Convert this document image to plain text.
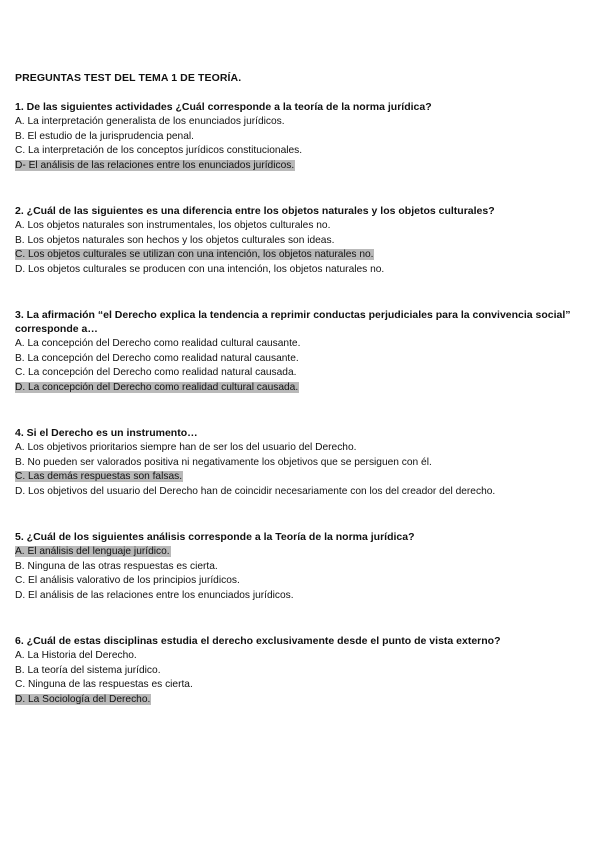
PREGUNTAS TEST DEL TEMA 1 DE TEORÍA.
1. De las siguientes actividades ¿Cuál corresponde a la teoría de la norma jurídica?
A. La interpretación generalista de los enunciados jurídicos.
B. El estudio de la jurisprudencia penal.
C. La interpretación de los conceptos jurídicos constitucionales.
D- El análisis de las relaciones entre los enunciados jurídicos.
2. ¿Cuál de las siguientes es una diferencia entre los objetos naturales y los objetos culturales?
A. Los objetos naturales son instrumentales, los objetos culturales no.
B. Los objetos naturales son hechos y los objetos culturales son ideas.
C. Los objetos culturales se utilizan con una intención, los objetos naturales no.
D. Los objetos culturales se producen con una intención, los objetos naturales no.
3. La afirmación “el Derecho explica la tendencia a reprimir conductas perjudiciales para la convivencia social” corresponde a…
A. La concepción del Derecho como realidad cultural causante.
B. La concepción del Derecho como realidad natural causante.
C. La concepción del Derecho como realidad natural causada.
D. La concepción del Derecho como realidad cultural causada.
4. Si el Derecho es un instrumento…
A. Los objetivos prioritarios siempre han de ser los del usuario del Derecho.
B. No pueden ser valorados positiva ni negativamente los objetivos que se persiguen con él.
C. Las demás respuestas son falsas.
D. Los objetivos del usuario del Derecho han de coincidir necesariamente con los del creador del derecho.
5. ¿Cuál de los siguientes análisis corresponde a la Teoría de la norma jurídica?
A. El análisis del lenguaje jurídico.
B. Ninguna de las otras respuestas es cierta.
C. El análisis valorativo de los principios jurídicos.
D. El análisis de las relaciones entre los enunciados jurídicos.
6. ¿Cuál de estas disciplinas estudia el derecho exclusivamente desde el punto de vista externo?
A. La Historia del Derecho.
B. La teoría del sistema jurídico.
C. Ninguna de las respuestas es cierta.
D. La Sociología del Derecho.
